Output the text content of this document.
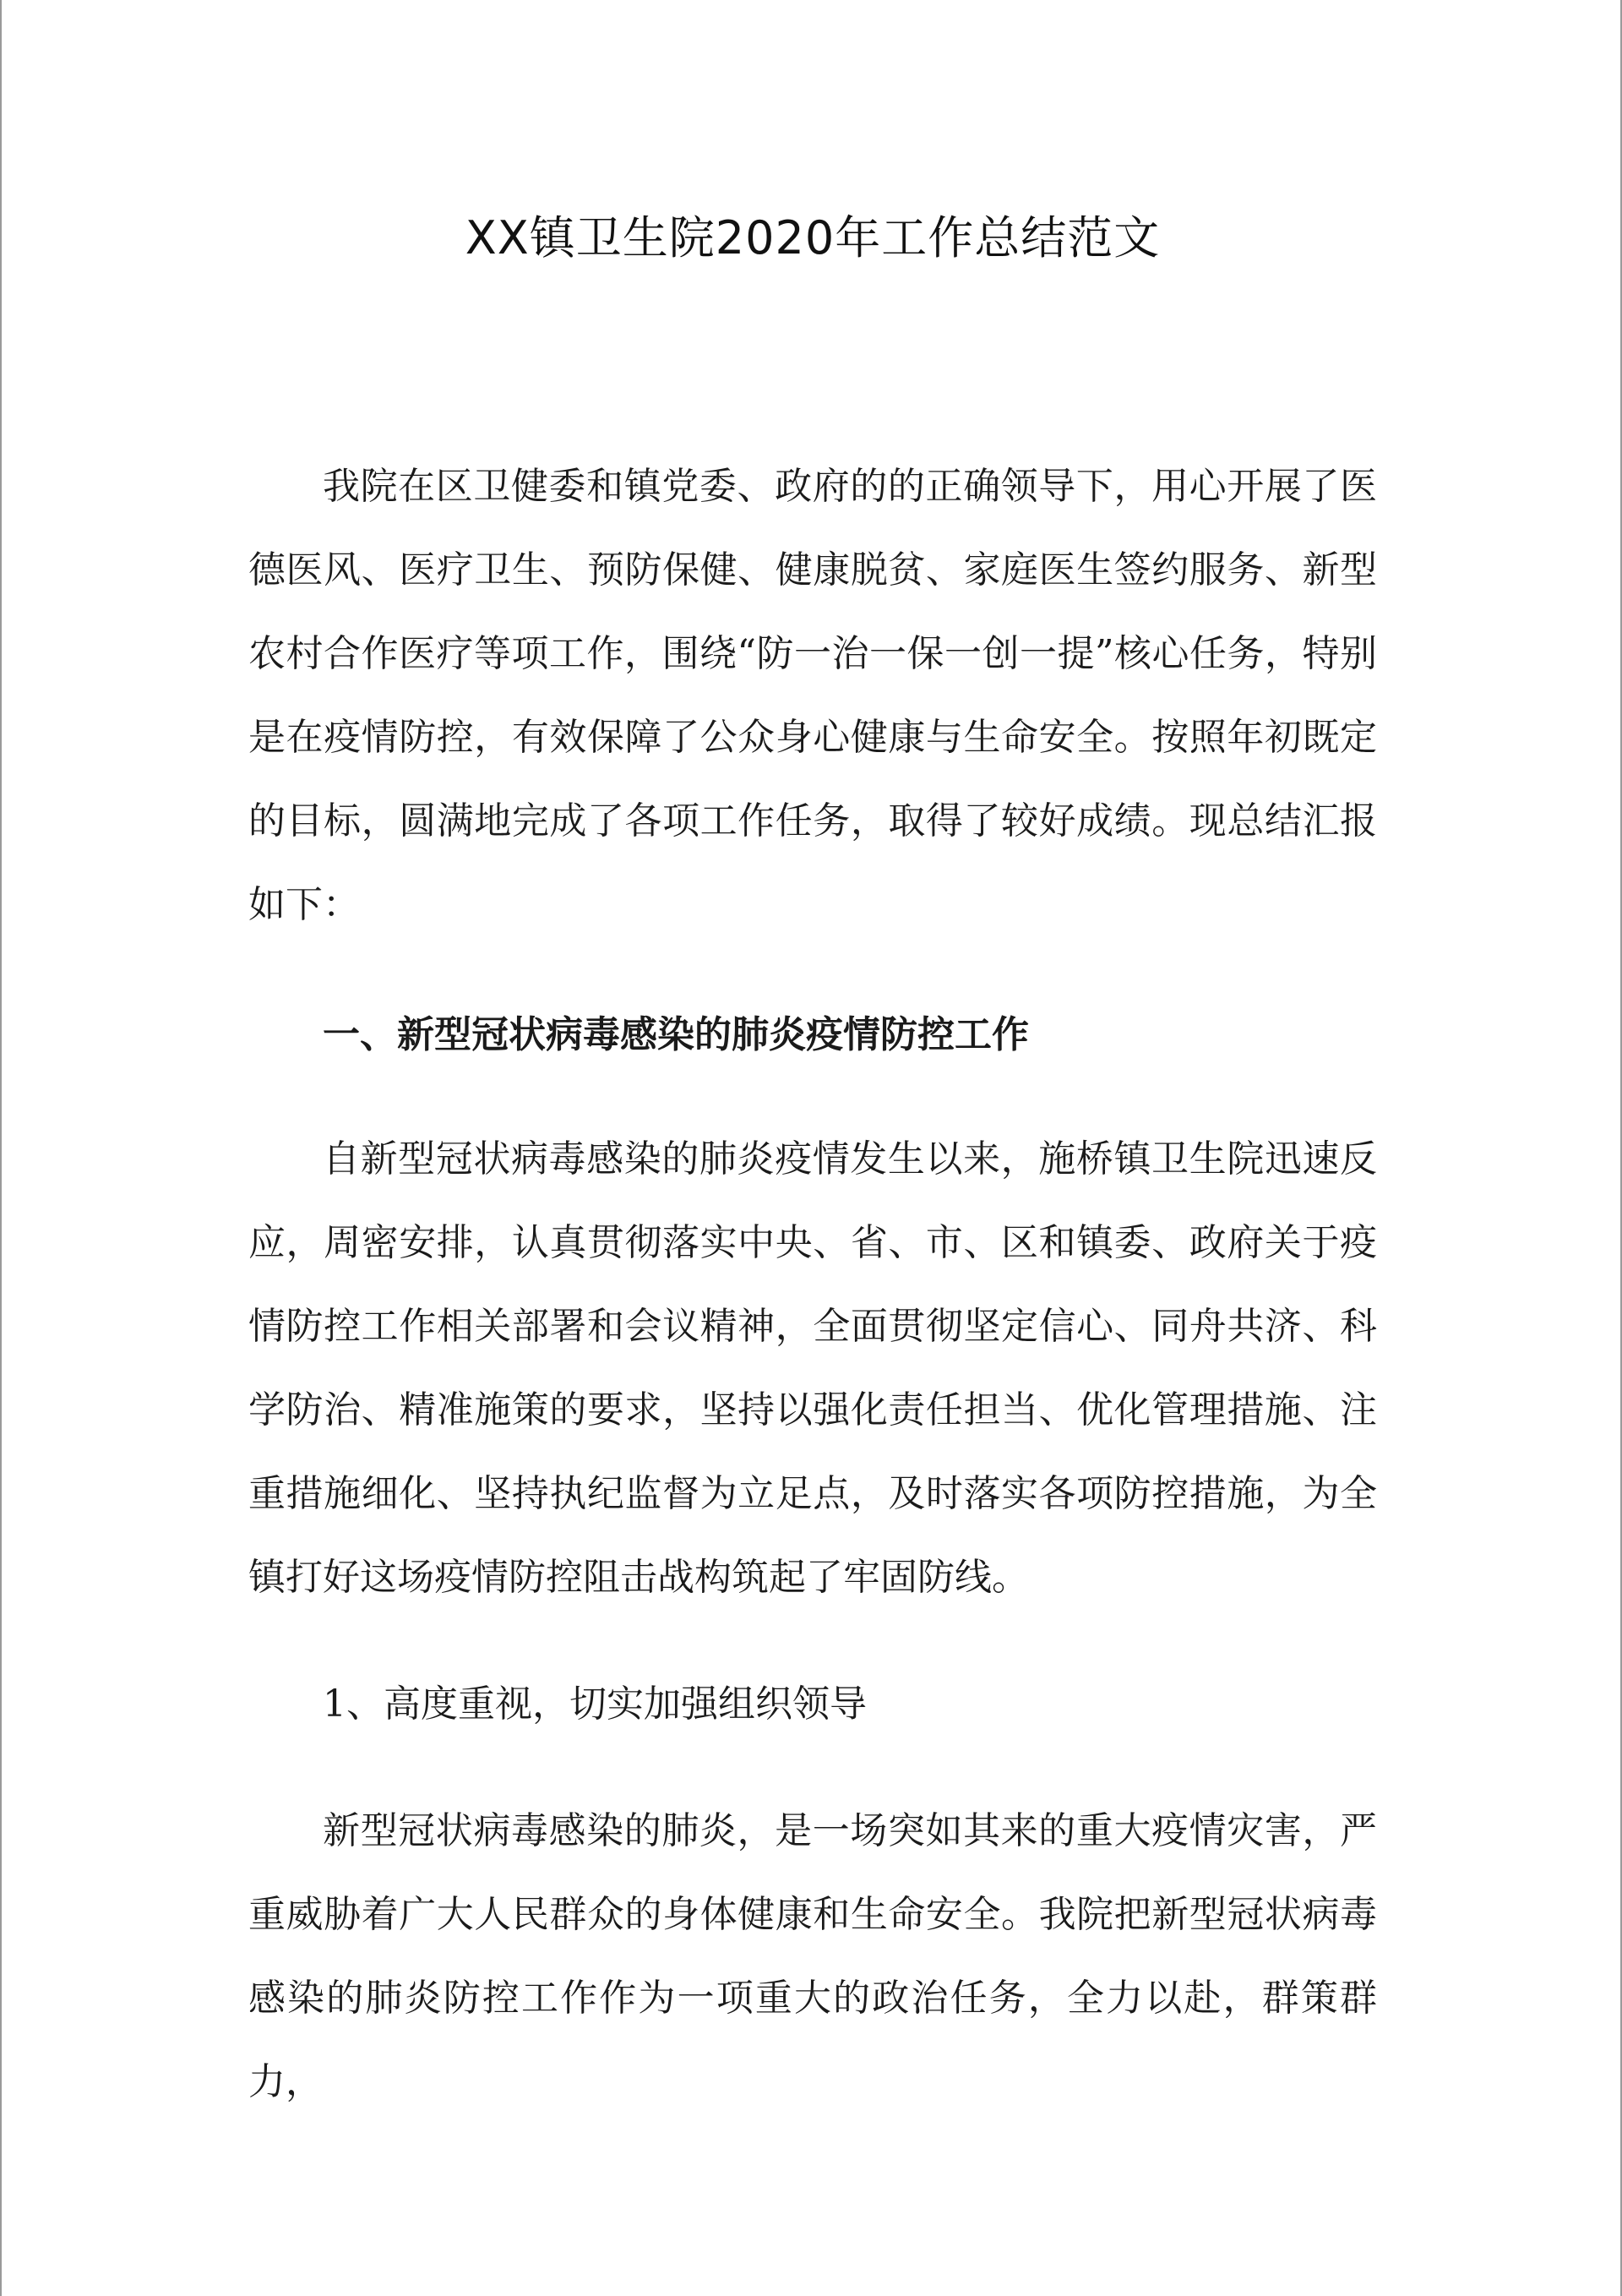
XX镇卫生院2020年工作总结范文

我院在区卫健委和镇党委、政府的的正确领导下，用心开展了医德医风、医疗卫生、预防保健、健康脱贫、家庭医生签约服务、新型农村合作医疗等项工作，围绕“防一治一保一创一提”核心任务，特别是在疫情防控，有效保障了公众身心健康与生命安全。按照年初既定的目标，圆满地完成了各项工作任务，取得了较好成绩。现总结汇报如下：

一、新型冠状病毒感染的肺炎疫情防控工作

自新型冠状病毒感染的肺炎疫情发生以来，施桥镇卫生院迅速反应，周密安排，认真贯彻落实中央、省、市、区和镇委、政府关于疫情防控工作相关部署和会议精神，全面贯彻坚定信心、同舟共济、科学防治、精准施策的要求，坚持以强化责任担当、优化管理措施、注重措施细化、坚持执纪监督为立足点，及时落实各项防控措施，为全镇打好这场疫情防控阻击战构筑起了牢固防线。

1、高度重视，切实加强组织领导

新型冠状病毒感染的肺炎，是一场突如其来的重大疫情灾害，严重威胁着广大人民群众的身体健康和生命安全。我院把新型冠状病毒感染的肺炎防控工作作为一项重大的政治任务，全力以赴，群策群力，
